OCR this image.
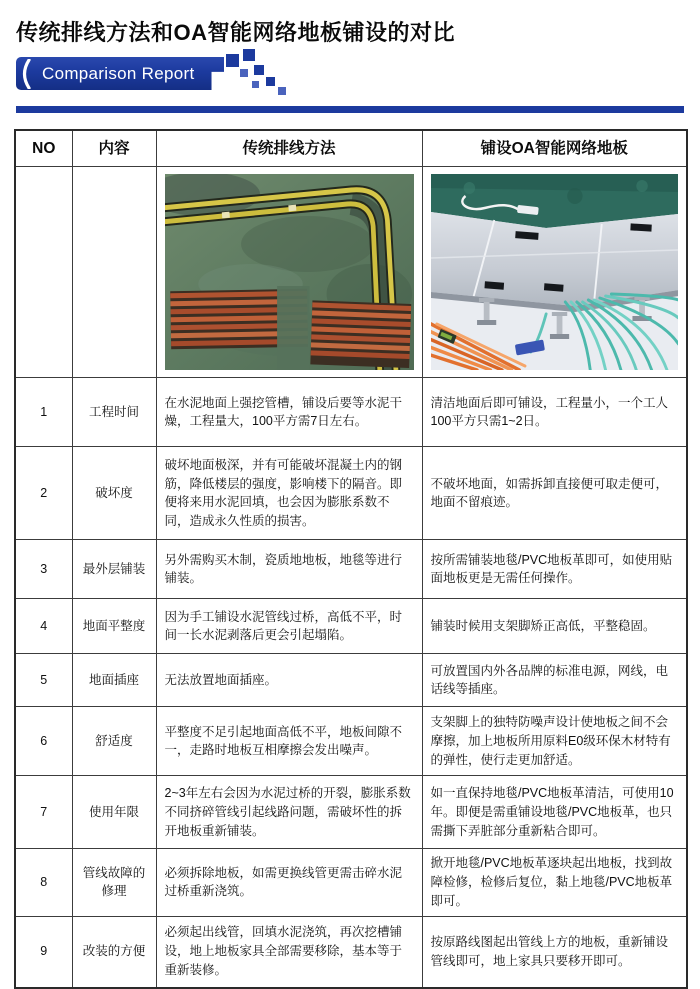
传统排线方法和OA智能网络地板铺设的对比
Comparison Report
NO	内容	传统排线方法	铺设OA智能网络地板

1	工程时间	在水泥地面上强挖管槽，铺设后要等水泥干燥，工程量大，100平方需7日左右。	清洁地面后即可铺设，工程量小，一个工人100平方只需1~2日。
2	破坏度	破坏地面极深，并有可能破坏混凝土内的钢筋，降低楼层的强度，影响楼下的隔音。即便将来用水泥回填，也会因为膨胀系数不同，造成永久性质的损害。	不破坏地面，如需拆卸直接便可取走便可，地面不留痕迹。
3	最外层铺装	另外需购买木制，瓷质地地板，地毯等进行铺装。	按所需铺装地毯/PVC地板革即可，如使用贴面地板更是无需任何操作。
4	地面平整度	因为手工铺设水泥管线过桥，高低不平，时间一长水泥剥落后更会引起塌陷。	铺装时候用支架脚矫正高低，平整稳固。
5	地面插座	无法放置地面插座。	可放置国内外各品牌的标准电源，网线，电话线等插座。
6	舒适度	平整度不足引起地面高低不平，地板间隙不一，走路时地板互相摩擦会发出噪声。	支架脚上的独特防噪声设计使地板之间不会摩擦，加上地板所用原料E0级环保木材特有的弹性，使行走更加舒适。
7	使用年限	2~3年左右会因为水泥过桥的开裂，膨胀系数不同挤碎管线引起线路问题，需破坏性的拆开地板重新铺装。	如一直保持地毯/PVC地板革清洁，可使用10年。即便是需重铺设地毯/PVC地板革，也只需撕下弄脏部分重新粘合即可。
8	管线故障的修理	必须拆除地板，如需更换线管更需击碎水泥过桥重新浇筑。	掀开地毯/PVC地板革逐块起出地板，找到故障检修，检修后复位，黏上地毯/PVC地板革即可。
9	改装的方便	必须起出线管，回填水泥浇筑，再次挖槽铺设，地上地板家具全部需要移除，基本等于重新装修。	按原路线图起出管线上方的地板，重新铺设管线即可，地上家具只要移开即可。
